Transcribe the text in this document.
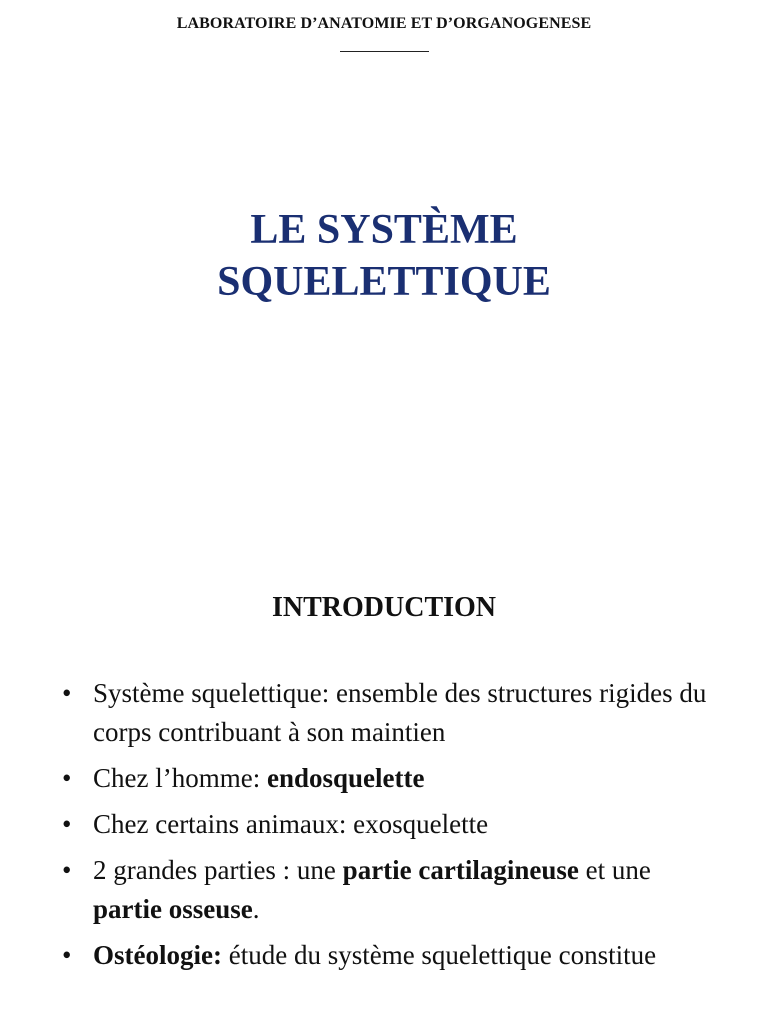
LABORATOIRE D’ANATOMIE ET D’ORGANOGENESE
LE SYSTÈME
SQUELETTIQUE
INTRODUCTION
• Système squelettique: ensemble des structures rigides du corps contribuant à son maintien
• Chez l’homme: endosquelette
• Chez certains animaux: exosquelette
• 2 grandes parties : une partie cartilagineuse et une partie osseuse.
• Ostéologie: étude du système squelettique constitue
